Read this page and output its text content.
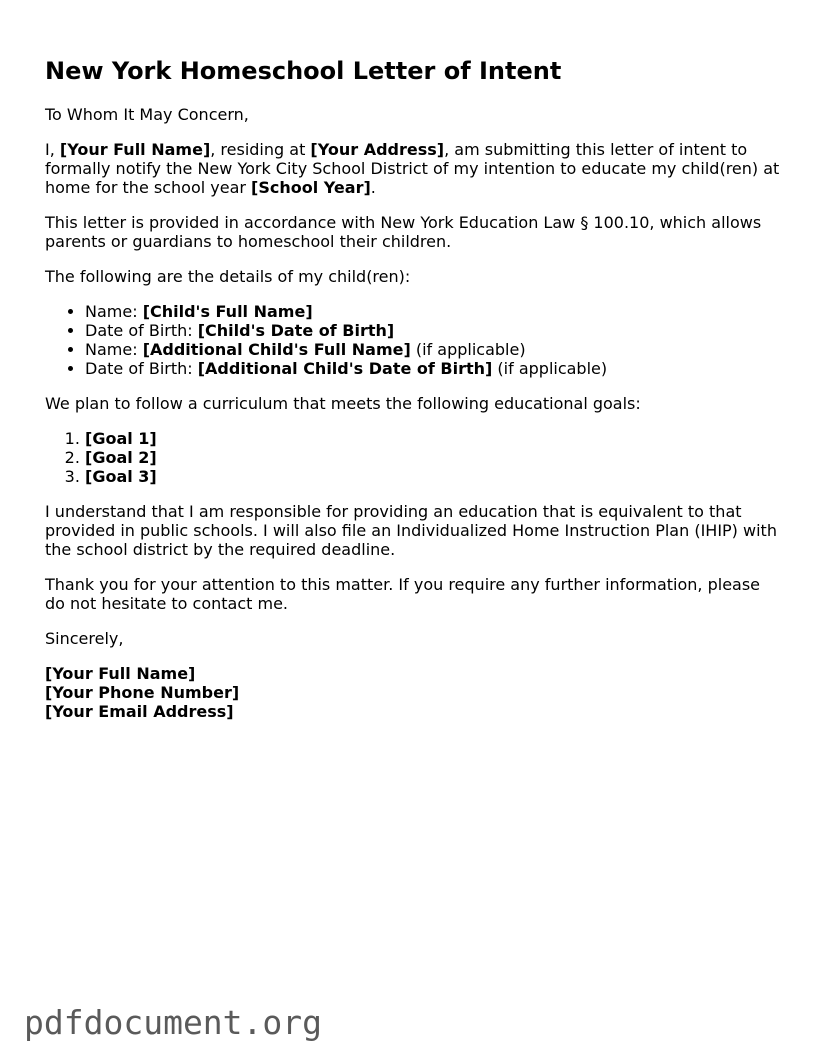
New York Homeschool Letter of Intent

To Whom It May Concern,

I, [Your Full Name], residing at [Your Address], am submitting this letter of intent to formally notify the New York City School District of my intention to educate my child(ren) at home for the school year [School Year].

This letter is provided in accordance with New York Education Law § 100.10, which allows parents or guardians to homeschool their children.

The following are the details of my child(ren):

• Name: [Child's Full Name]
• Date of Birth: [Child's Date of Birth]
• Name: [Additional Child's Full Name] (if applicable)
• Date of Birth: [Additional Child's Date of Birth] (if applicable)

We plan to follow a curriculum that meets the following educational goals:

1. [Goal 1]
2. [Goal 2]
3. [Goal 3]

I understand that I am responsible for providing an education that is equivalent to that provided in public schools. I will also file an Individualized Home Instruction Plan (IHIP) with the school district by the required deadline.

Thank you for your attention to this matter. If you require any further information, please do not hesitate to contact me.

Sincerely,

[Your Full Name]
[Your Phone Number]
[Your Email Address]
pdfdocument.org
